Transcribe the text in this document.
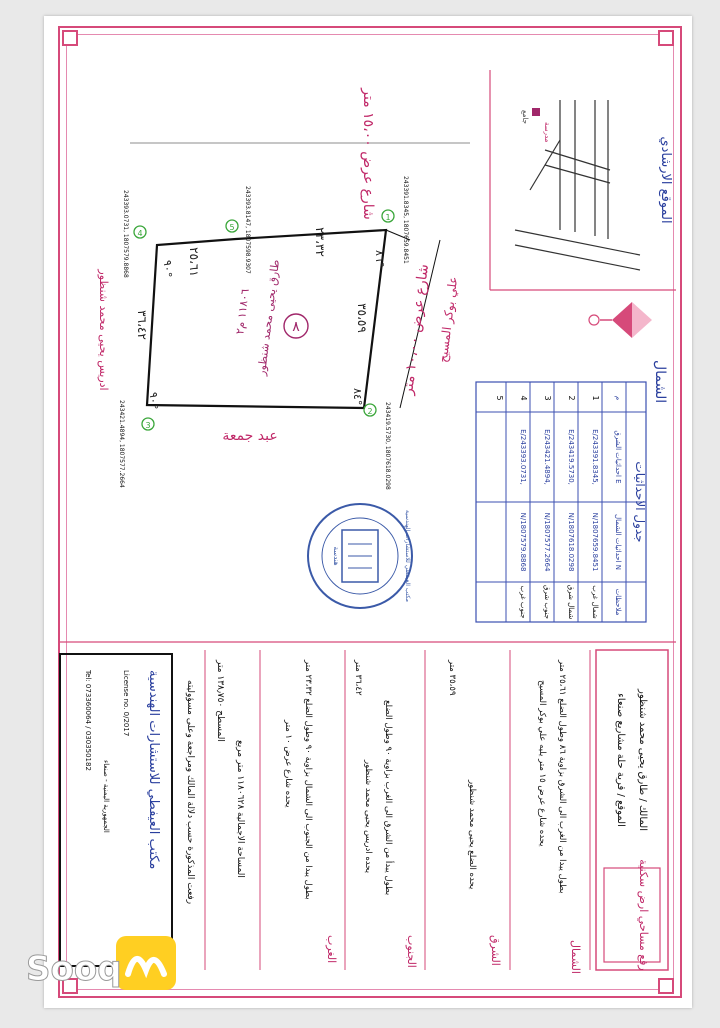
الموقع الارشادي
جامع
مدرسة
الشمال
شارع عرض ١٥،٠٠ متر
شارع عرض ١٠،٠٠ متر علي بوكر المسيح
ادريس يحيى محمد شنظور
عبد جمعة
٨
طارق يحيى محمد شنظور
١١٨٠٦ م٢
٢٣،٣٢
٣٥،٥٩
٣٦،٤٢
٢٥،٦١	٨٦°
٨٤°
٩٠°
٩٠°
1 243391.8345, 1807659.8451
2 243419.5730, 1807618.0298
3
243421.4894, 1807577.2664
4
243393.0731, 1807579.8868	5 243393.8147, 1807598.9307
جدول الاحداثيات
م
احداثيات الشرق E
احداثيات الشمال N
ملاحظات
1
E/243391.8345,
N/1807659.8451
شمال غرب
2
E/243419.5730,
N/1807618.0298
شمال شرق
3
E/243421.4894,
N/1807577.2664
جنوب شرق
4
E/243393.0731,
N/1807579.8868
جنوب غرب
5
مكتب العيفطي للاستشارات الهندسية
هندسة
رفع مساحي ارض سكنية
المالك / طارق يحيى محمد شنظور
الموقع / قرية حلة مشاريع صنعاء
الشمال
بطول يبدا من الغرب الى الشرق بزاوية ٨٦ وطول الضلع ٢٥،٦١ متر
يحده شارع عرض ١٥ متر يليه علي بوكر المسيح
الشرق
يحده الضلع يحيى محمد شنظور
٣٥،٥٩ متر
الجنوب
بطول يبدأ من الشرق الى الغرب بزاوية ٩٠ وطول الضلع
يحده ادريس يحيى محمد شنظور
٣٦،٤٢ متر
الغرب
بطول يبدا من الجنوب الى الشمال بزاوية ٩٠ وطول الضلع ٢٣،٣٢ متر
يحده شارع عرض ١٠ متر
المساحة الاجمالية ١١٨٠٦٢٨ متر مربع
المسطح ١٣٨٫٧٥٠ متر
رفعت المذكورة حسب دلالة المالك ومراجعة وعلى مسؤوليته
مكتب العيفطي للاستشارات الهندسية
License no. 0/2017
الجمهورية اليمنية - صنعاء
Tel: 073360064 / 030350182
Sooq
